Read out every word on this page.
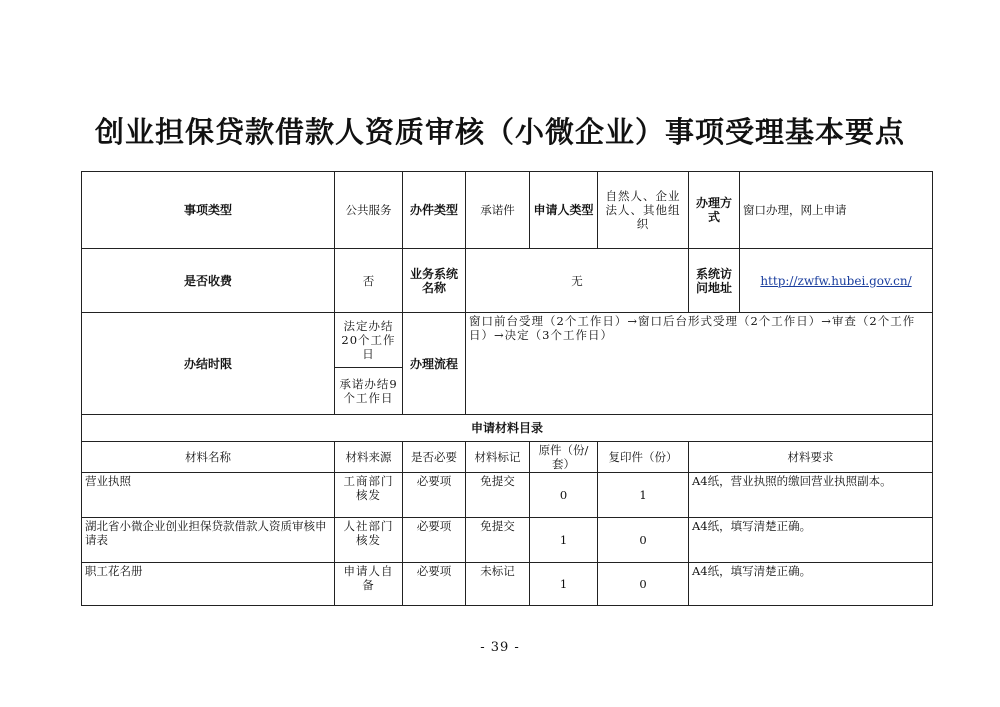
创业担保贷款借款人资质审核（小微企业）事项受理基本要点
事项类型	公共服务	办件类型	承诺件	申请人类型	自然人、企业法人、其他组织	办理方式	窗口办理，网上申请
是否收费	否	业务系统名称	无			系统访问地址	http://zwfw.hubei.gov.cn/
办结时限	法定办结20个工作日	办理流程	窗口前台受理（2个工作日）→窗口后台形式受理（2个工作日）→审查（2个工作日）→决定（3个工作日）				
	承诺办结9个工作日						
申请材料目录							
材料名称	材料来源	是否必要	材料标记	原件（份/套）	复印件（份）	材料要求	
营业执照	工商部门核发	必要项	免提交	0	1	A4纸，营业执照的缴回营业执照副本。	
湖北省小微企业创业担保贷款借款人资质审核申请表	人社部门核发	必要项	免提交	1	0	A4纸，填写清楚正确。	
职工花名册	申请人自备	必要项	未标记	1	0	A4纸，填写清楚正确。	
- 39 -
